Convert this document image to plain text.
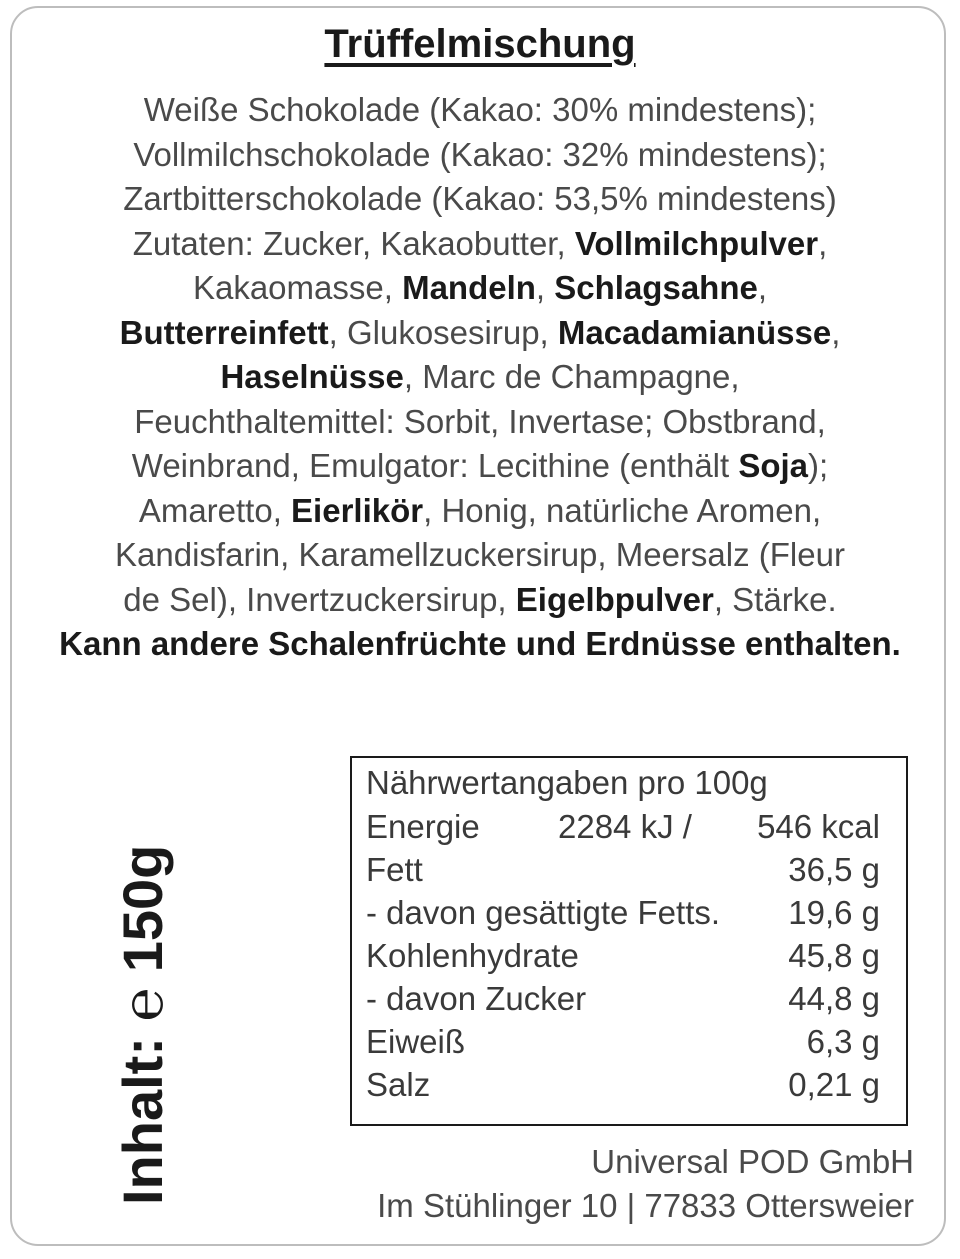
Trüffelmischung
Weiße Schokolade (Kakao: 30% mindestens);
Vollmilchschokolade (Kakao: 32% mindestens);
Zartbitterschokolade (Kakao: 53,5% mindestens)
Zutaten: Zucker, Kakaobutter, Vollmilchpulver,
Kakaomasse, Mandeln, Schlagsahne,
Butterreinfett, Glukosesirup, Macadamianüsse,
Haselnüsse, Marc de Champagne,
Feuchthaltemittel: Sorbit, Invertase; Obstbrand,
Weinbrand, Emulgator: Lecithine (enthält Soja);
Amaretto, Eierlikör, Honig, natürliche Aromen,
Kandisfarin, Karamellzuckersirup, Meersalz (Fleur
de Sel), Invertzuckersirup, Eigelbpulver, Stärke.
Kann andere Schalenfrüchte und Erdnüsse enthalten.
Nährwertangaben pro 100g
Energie 2284 kJ / 546 kcal
Fett	36,5 g
- davon gesättigte Fetts. 19,6 g
Kohlenhydrate	45,8 g
- davon Zucker	44,8 g
Eiweiß	6,3 g
Salz	0,21 g
Inhalt: ℮ 150g	Universal POD GmbH
Im Stühlinger 10 | 77833 Ottersweier
